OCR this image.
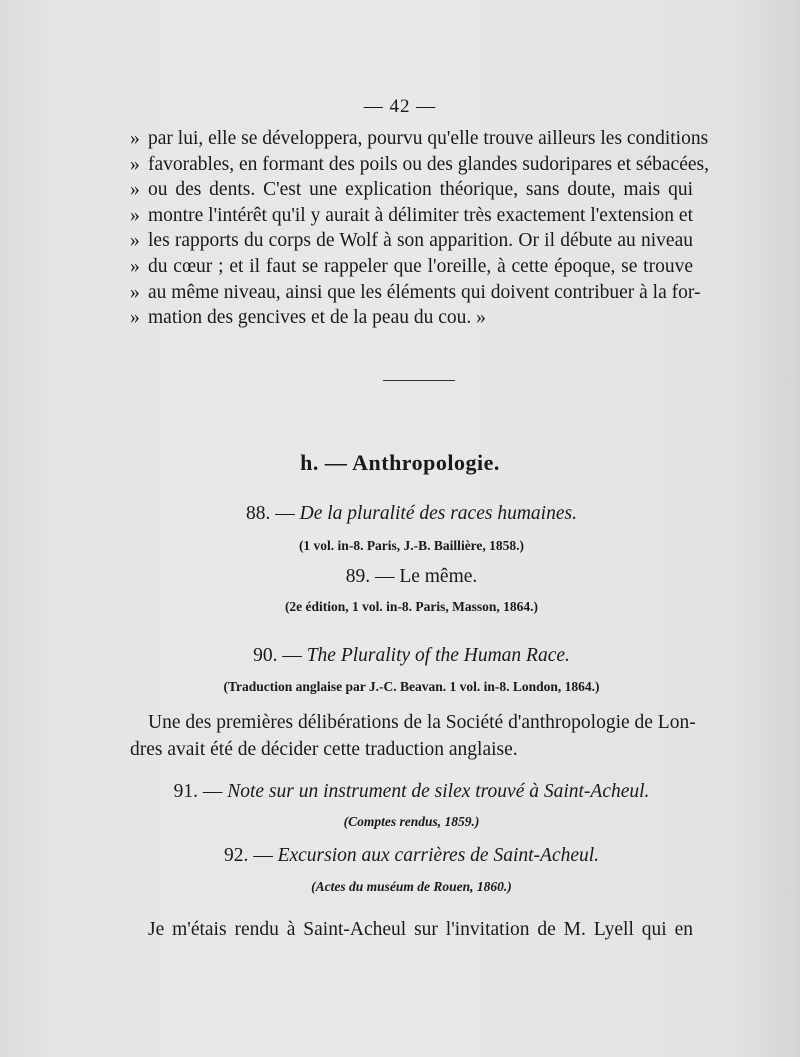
— 42 —
» par lui, elle se développera, pourvu qu'elle trouve ailleurs les conditions
» favorables, en formant des poils ou des glandes sudoripares et sébacées,
» ou des dents. C'est une explication théorique, sans doute, mais qui
» montre l'intérêt qu'il y aurait à délimiter très exactement l'extension et
» les rapports du corps de Wolf à son apparition. Or il débute au niveau
» du cœur ; et il faut se rappeler que l'oreille, à cette époque, se trouve
» au même niveau, ainsi que les éléments qui doivent contribuer à la for-
» mation des gencives et de la peau du cou. »
h. — Anthropologie.
88. — De la pluralité des races humaines.
(1 vol. in-8. Paris, J.-B. Baillière, 1858.)
89. — Le même.
(2e édition, 1 vol. in-8. Paris, Masson, 1864.)
90. — The Plurality of the Human Race.
(Traduction anglaise par J.-C. Beavan. 1 vol. in-8. London, 1864.)
Une des premières délibérations de la Société d'anthropologie de Lon-
dres avait été de décider cette traduction anglaise.
91. — Note sur un instrument de silex trouvé à Saint-Acheul.
(Comptes rendus, 1859.)
92. — Excursion aux carrières de Saint-Acheul.
(Actes du muséum de Rouen, 1860.)
Je m'étais rendu à Saint-Acheul sur l'invitation de M. Lyell qui en
